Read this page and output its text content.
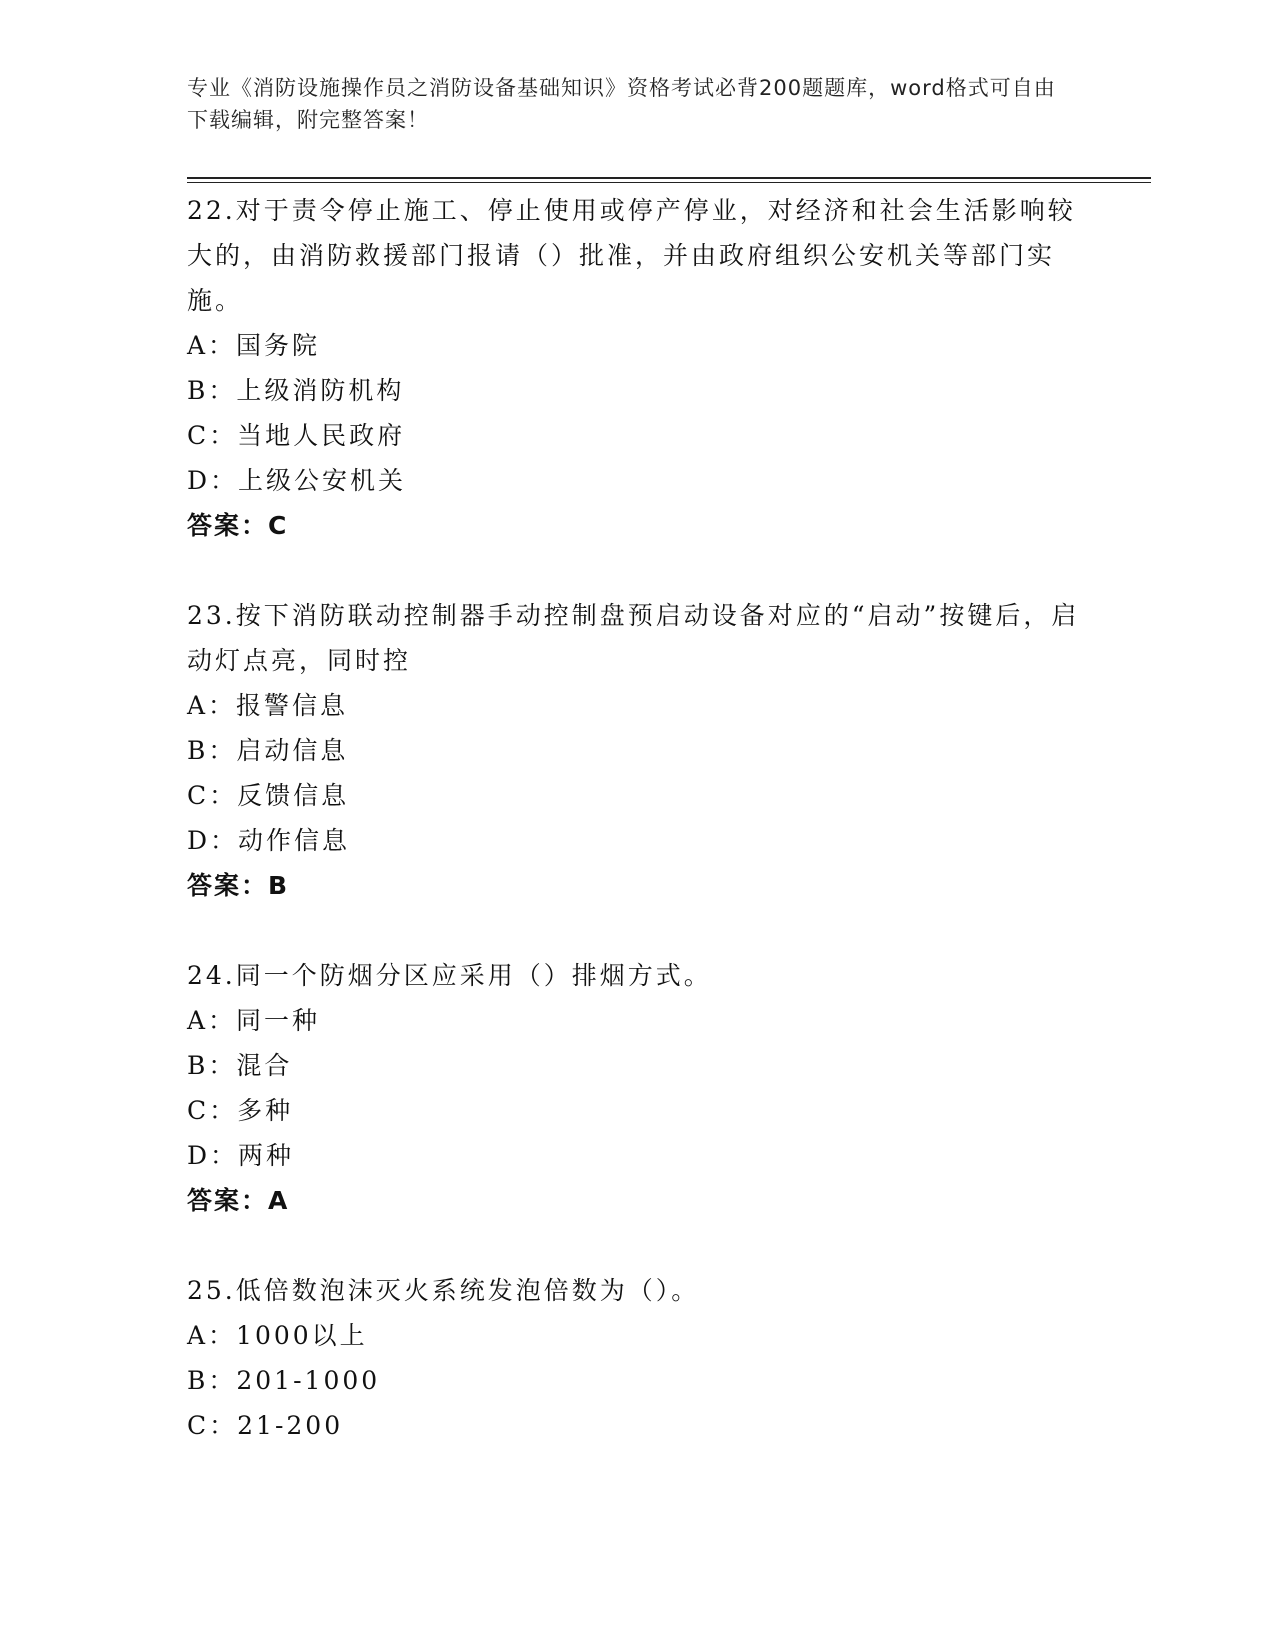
专业《消防设施操作员之消防设备基础知识》资格考试必背200题题库，word格式可自由下载编辑，附完整答案！

22.对于责令停止施工、停止使用或停产停业，对经济和社会生活影响较大的，由消防救援部门报请（）批准，并由政府组织公安机关等部门实施。

A：国务院

B：上级消防机构

C：当地人民政府

D：上级公安机关

答案：C

23.按下消防联动控制器手动控制盘预启动设备对应的“启动”按键后，启动灯点亮，同时控

A：报警信息

B：启动信息

C：反馈信息

D：动作信息

答案：B

24.同一个防烟分区应采用（）排烟方式。

A：同一种

B：混合

C：多种

D：两种

答案：A

25.低倍数泡沫灭火系统发泡倍数为（）。

A：1000以上

B：201-1000

C：21-200
